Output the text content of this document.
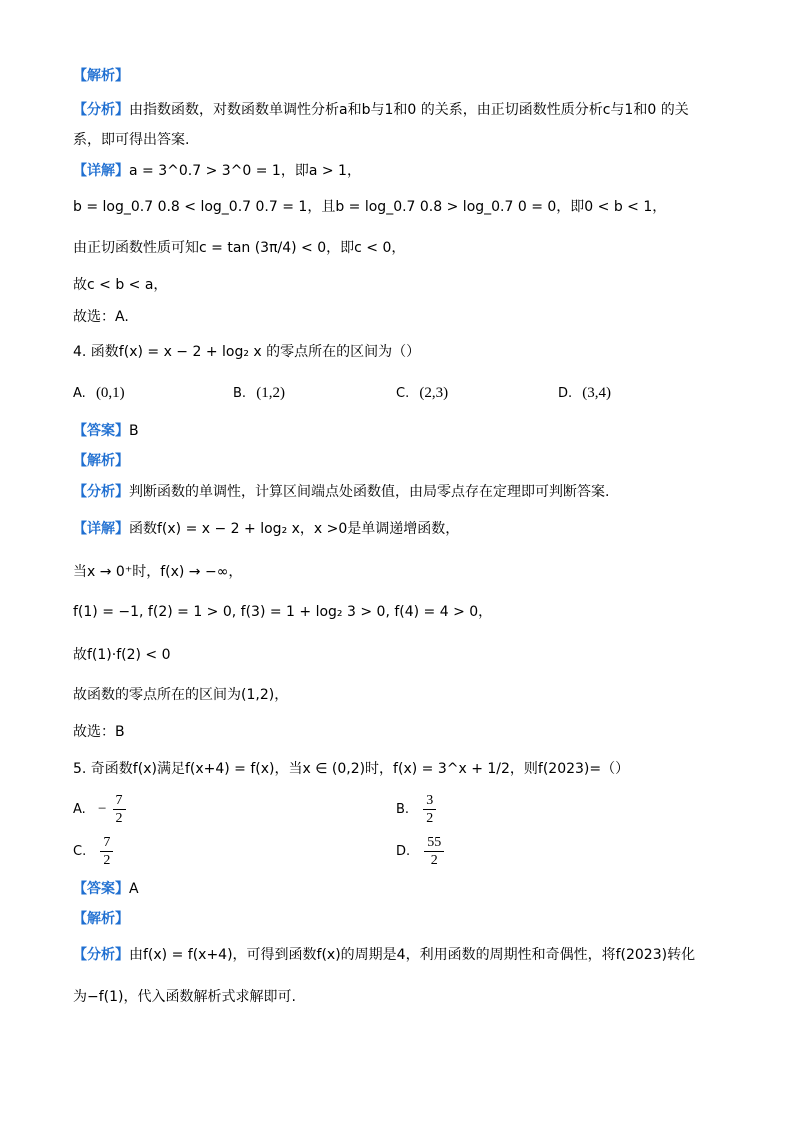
【解析】
【分析】由指数函数，对数函数单调性分析a和b与1和0 的关系，由正切函数性质分析c与1和0 的关
系，即可得出答案.
【详解】a = 3^0.7 > 3^0 = 1，即a > 1，
b = log_0.7 0.8 < log_0.7 0.7 = 1，且b = log_0.7 0.8 > log_0.7 0 = 0，即0 < b < 1，
由正切函数性质可知c = tan (3π/4) < 0，即c < 0，
故c < b < a，
故选：A.
4. 函数f(x) = x − 2 + log₂ x 的零点所在的区间为（）
A. (0,1)	B. (1,2)	C. (2,3)	D. (3,4)
【答案】B
【解析】
【分析】判断函数的单调性，计算区间端点处函数值，由局零点存在定理即可判断答案.
【详解】函数f(x) = x − 2 + log₂ x，x >0是单调递增函数，
当x → 0⁺时，f(x) → −∞，
f(1) = −1, f(2) = 1 > 0, f(3) = 1 + log₂ 3 > 0, f(4) = 4 > 0，
故f(1)·f(2) < 0
故函数的零点所在的区间为(1,2)，
故选：B
5. 奇函数f(x)满足f(x+4) = f(x)，当x ∈ (0,2)时，f(x) = 3^x + 1/2，则f(2023)=（）
A. − $\frac{7}{2}$	B. $\frac{3}{2}$
C. $\frac{7}{2}$	D. $\frac{55}{2}$
【答案】A
【解析】
【分析】由f(x) = f(x+4)，可得到函数f(x)的周期是4，利用函数的周期性和奇偶性，将f(2023)转化
为−f(1)，代入函数解析式求解即可.
